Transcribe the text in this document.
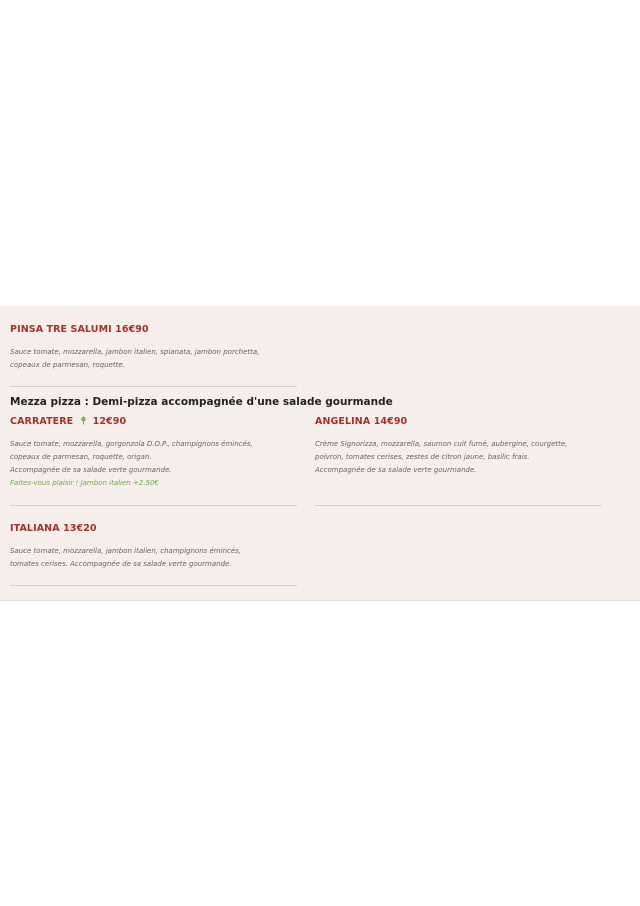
PINSA TRE SALUMI 16€90
Sauce tomate, mozzarella, jambon italien, spianata, jambon porchetta,
copeaux de parmesan, roquette.
Mezza pizza : Demi-pizza accompagnée d'une salade gourmande
CARRATERE 12€90
Sauce tomate, mozzarella, gorgonzola D.O.P., champignons émincés,
copeaux de parmesan, roquette, origan.
Accompagnée de sa salade verte gourmande.
Faites-vous plaisir ! Jambon italien +2.50€
ANGELINA 14€90
Crème Signorizza, mozzarella, saumon cuit fumé, aubergine, courgette,
poivron, tomates cerises, zestes de citron jaune, basilic frais.
Accompagnée de sa salade verte gourmande.
ITALIANA 13€20
Sauce tomate, mozzarella, jambon italien, champignons émincés,
tomates cerises. Accompagnée de sa salade verte gourmande.
